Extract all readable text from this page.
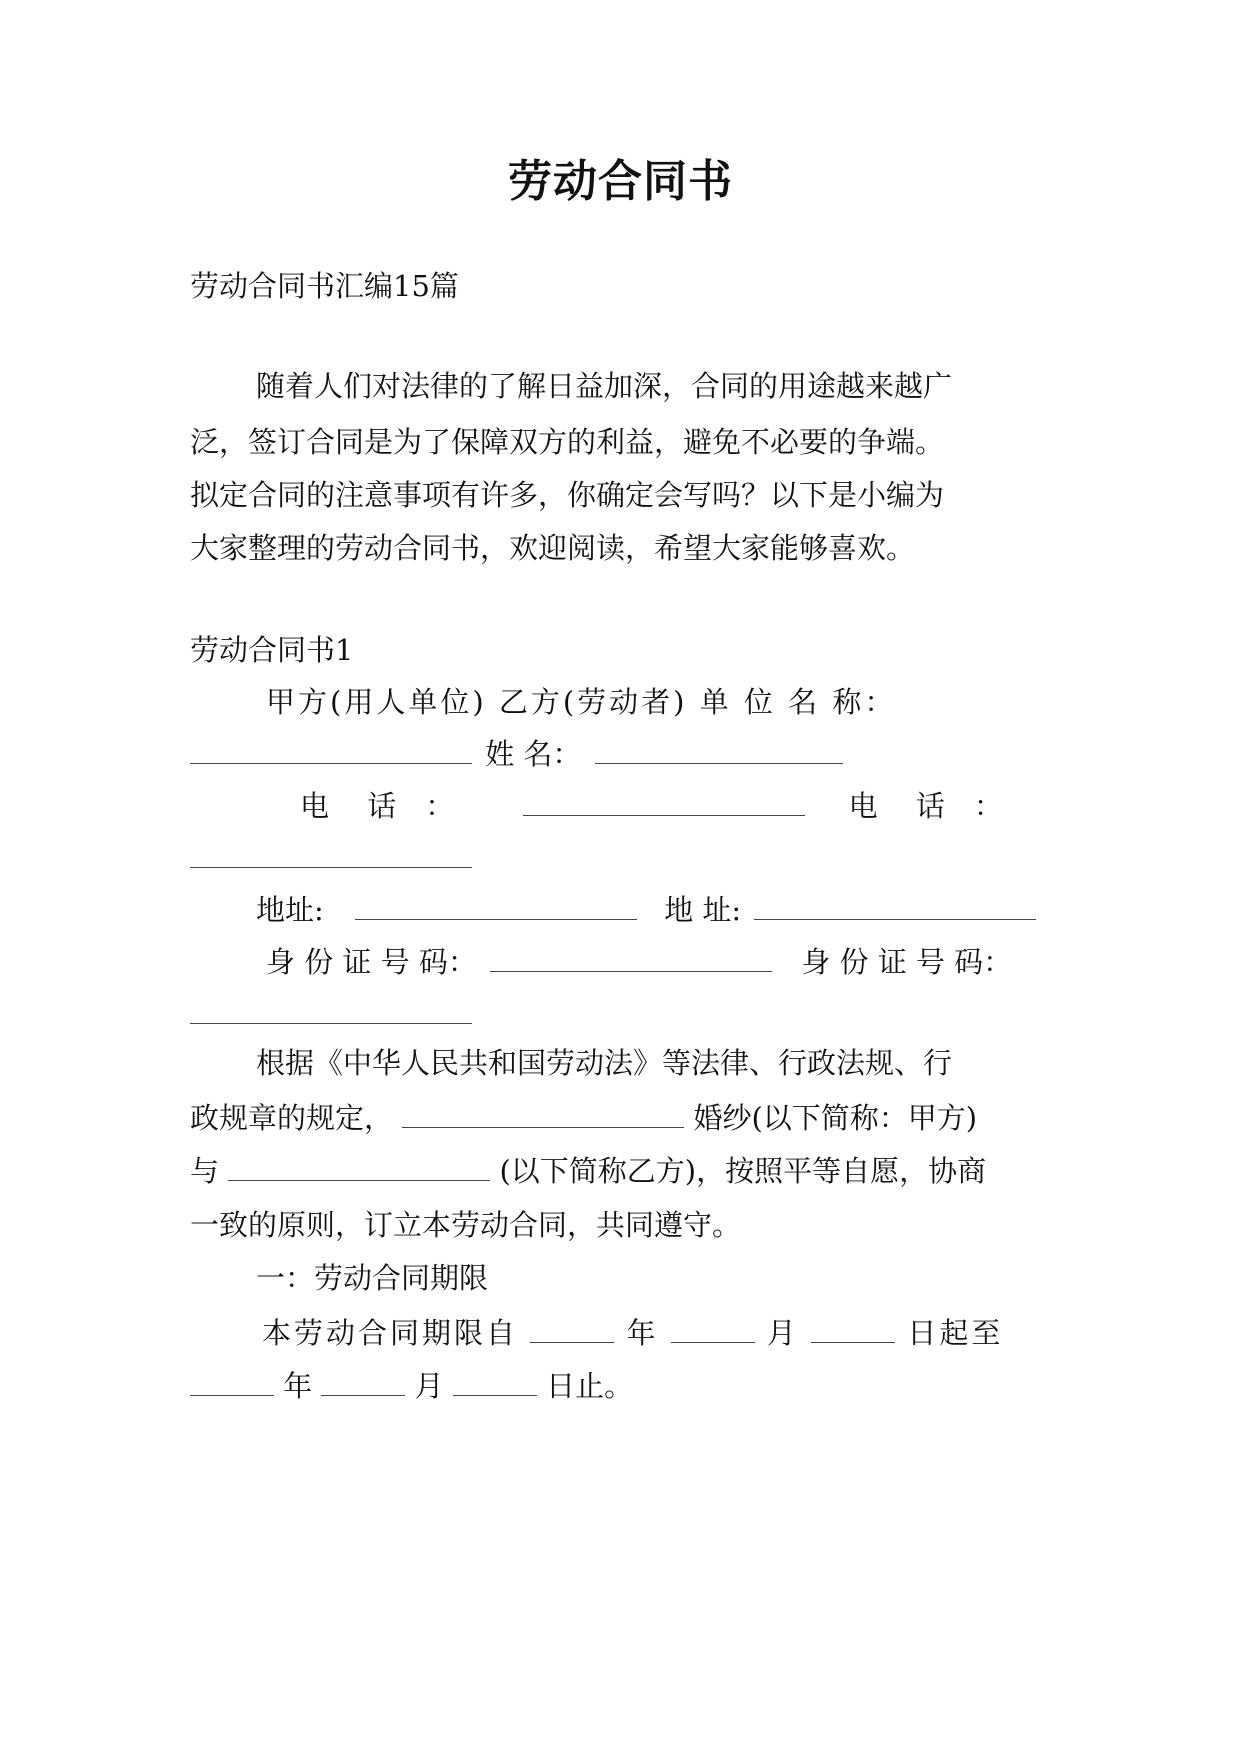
劳动合同书
劳动合同书汇编15篇
随着人们对法律的了解日益加深，合同的用途越来越广
泛，签订合同是为了保障双方的利益，避免不必要的争端。
拟定合同的注意事项有许多，你确定会写吗？以下是小编为
大家整理的劳动合同书，欢迎阅读，希望大家能够喜欢。
劳动合同书1
甲方(用人单位) 乙方(劳动者) 单 位 名 称：
姓 名：
电　 话　：	电　 话　：
地址:	地 址:
身 份 证 号 码：	身 份 证 号 码：
根据《中华人民共和国劳动法》等法律、行政法规、行
政规章的规定，	婚纱(以下简称：甲方)
与	(以下简称乙方)，按照平等自愿，协商
一致的原则，订立本劳动合同，共同遵守。
一：劳动合同期限
本劳动合同期限自	年	月	日起至
年	月	日止。
